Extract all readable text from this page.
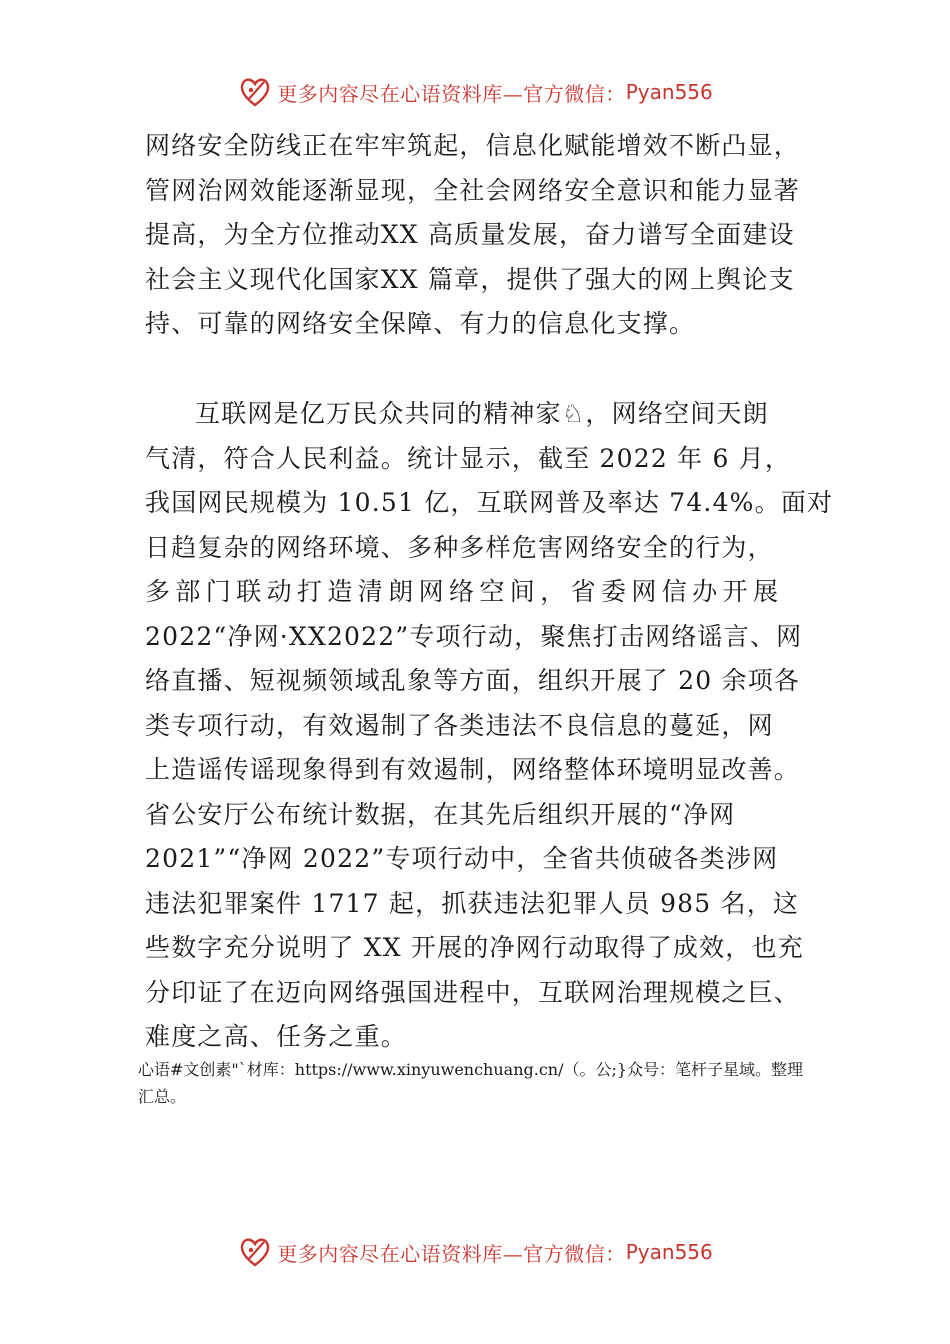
更多内容尽在心语资料库—官方微信： Pyan556
网络安全防线正在牢牢筑起，信息化赋能增效不断凸显，
管网治网效能逐渐显现，全社会网络安全意识和能力显著
提高，为全方位推动XX 高质量发展，奋力谱写全面建设
社会主义现代化国家XX 篇章，提供了强大的网上舆论支
持、可靠的网络安全保障、有力的信息化支撑。
互联网是亿万民众共同的精神家♘，网络空间天朗
气清，符合人民利益。统计显示，截至 2022 年 6 月，
我国网民规模为 10.51 亿，互联网普及率达 74.4%。面对
日趋复杂的网络环境、多种多样危害网络安全的行为，
多部门联动打造清朗网络空间，省委网信办开展
2022“净网·XX2022”专项行动，聚焦打击网络谣言、网
络直播、短视频领域乱象等方面，组织开展了 20 余项各
类专项行动，有效遏制了各类违法不良信息的蔓延，网
上造谣传谣现象得到有效遏制，网络整体环境明显改善。
省公安厅公布统计数据，在其先后组织开展的“净网
2021”“净网 2022”专项行动中，全省共侦破各类涉网
违法犯罪案件 1717 起，抓获违法犯罪人员 985 名，这
些数字充分说明了 XX 开展的净网行动取得了成效，也充
分印证了在迈向网络强国进程中，互联网治理规模之巨、
难度之高、任务之重。
心语#文创素"`材库：https://www.xinyuwenchuang.cn/（。公;}众号：笔杆子星域。整理
汇总。
更多内容尽在心语资料库—官方微信： Pyan556
